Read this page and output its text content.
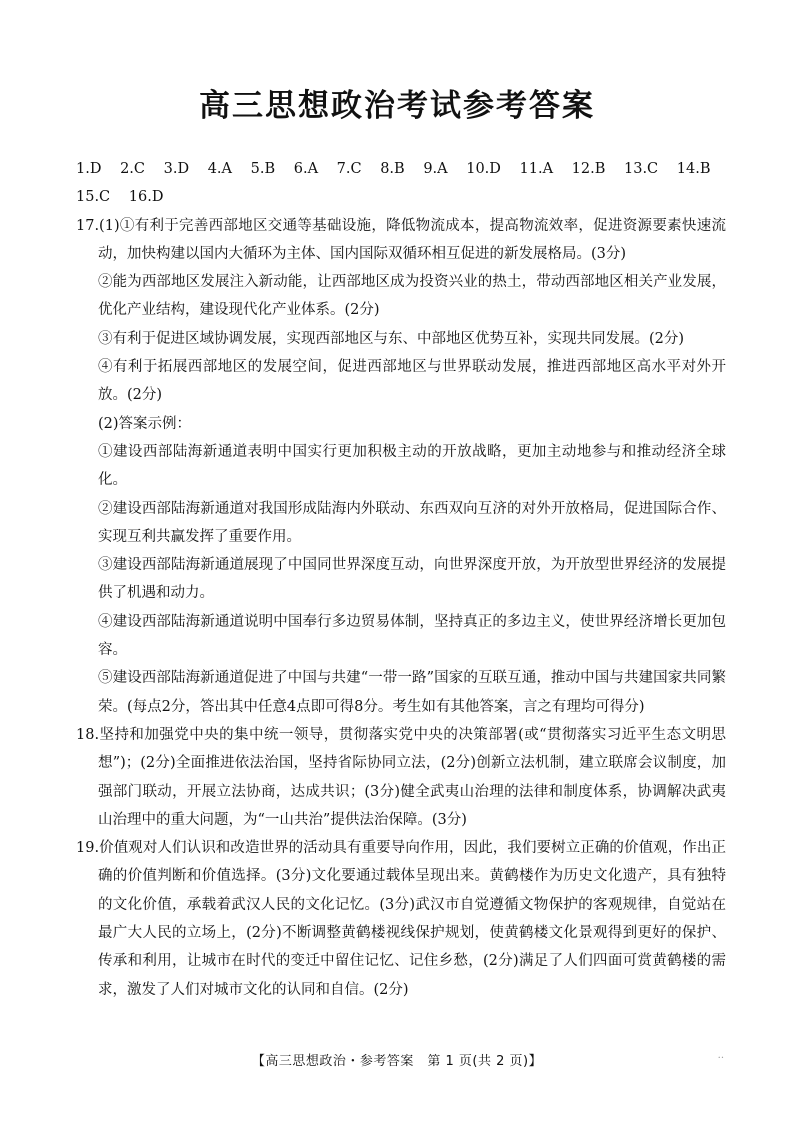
高三思想政治考试参考答案
1.D 2.C 3.D 4.A 5.B 6.A 7.C 8.B 9.A 10.D 11.A 12.B 13.C 14.B
15.C 16.D

17.(1)①有利于完善西部地区交通等基础设施，降低物流成本，提高物流效率，促进资源要素快速流动，加快构建以国内大循环为主体、国内国际双循环相互促进的新发展格局。(3分)

②能为西部地区发展注入新动能，让西部地区成为投资兴业的热土，带动西部地区相关产业发展，优化产业结构，建设现代化产业体系。(2分)

③有利于促进区域协调发展，实现西部地区与东、中部地区优势互补，实现共同发展。(2分)

④有利于拓展西部地区的发展空间，促进西部地区与世界联动发展，推进西部地区高水平对外开放。(2分)

(2)答案示例：

①建设西部陆海新通道表明中国实行更加积极主动的开放战略，更加主动地参与和推动经济全球化。

②建设西部陆海新通道对我国形成陆海内外联动、东西双向互济的对外开放格局，促进国际合作、实现互利共赢发挥了重要作用。

③建设西部陆海新通道展现了中国同世界深度互动，向世界深度开放，为开放型世界经济的发展提供了机遇和动力。

④建设西部陆海新通道说明中国奉行多边贸易体制，坚持真正的多边主义，使世界经济增长更加包容。

⑤建设西部陆海新通道促进了中国与共建“一带一路”国家的互联互通，推动中国与共建国家共同繁荣。(每点2分，答出其中任意4点即可得8分。考生如有其他答案，言之有理均可得分)

18.坚持和加强党中央的集中统一领导，贯彻落实党中央的决策部署(或“贯彻落实习近平生态文明思想”)；(2分)全面推进依法治国，坚持省际协同立法，(2分)创新立法机制，建立联席会议制度，加强部门联动，开展立法协商，达成共识；(3分)健全武夷山治理的法律和制度体系，协调解决武夷山治理中的重大问题，为“一山共治”提供法治保障。(3分)

19.价值观对人们认识和改造世界的活动具有重要导向作用，因此，我们要树立正确的价值观，作出正确的价值判断和价值选择。(3分)文化要通过载体呈现出来。黄鹤楼作为历史文化遗产，具有独特的文化价值，承载着武汉人民的文化记忆。(3分)武汉市自觉遵循文物保护的客观规律，自觉站在最广大人民的立场上，(2分)不断调整黄鹤楼视线保护规划，使黄鹤楼文化景观得到更好的保护、传承和利用，让城市在时代的变迁中留住记忆、记住乡愁，(2分)满足了人们四面可赏黄鹤楼的需求，激发了人们对城市文化的认同和自信。(2分)

【高三思想政治・参考答案　第 1 页(共 2 页)】	..
